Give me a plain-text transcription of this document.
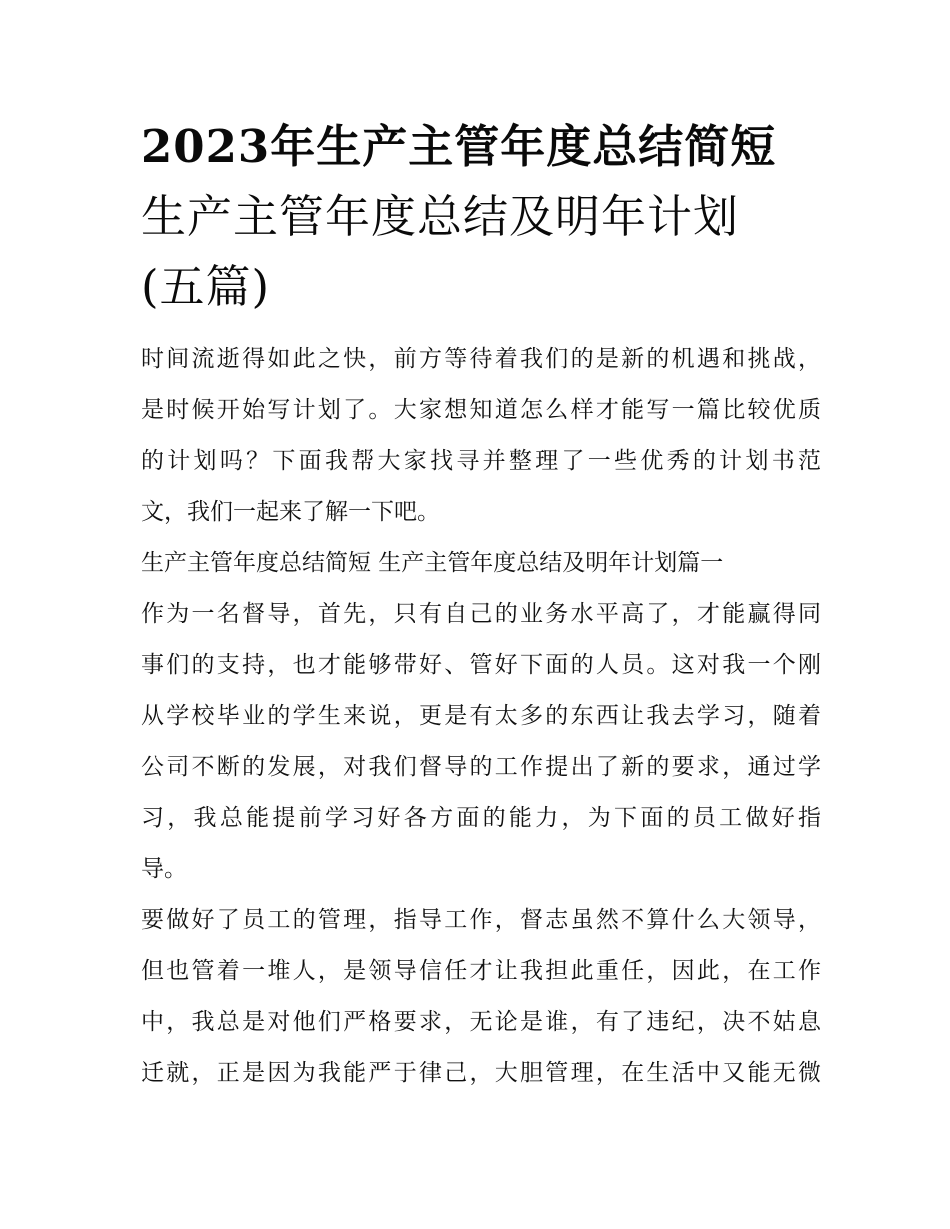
2023年生产主管年度总结简短
生产主管年度总结及明年计划
(五篇)

时间流逝得如此之快，前方等待着我们的是新的机遇和挑战，
是时候开始写计划了。大家想知道怎么样才能写一篇比较优质
的计划吗？下面我帮大家找寻并整理了一些优秀的计划书范
文，我们一起来了解一下吧。

生产主管年度总结简短 生产主管年度总结及明年计划篇一

作为一名督导，首先，只有自己的业务水平高了，才能赢得同
事们的支持，也才能够带好、管好下面的人员。这对我一个刚
从学校毕业的学生来说，更是有太多的东西让我去学习，随着
公司不断的发展，对我们督导的工作提出了新的要求，通过学
习，我总能提前学习好各方面的能力，为下面的员工做好指
导。

要做好了员工的管理，指导工作，督志虽然不算什么大领导，
但也管着一堆人，是领导信任才让我担此重任，因此，在工作
中，我总是对他们严格要求，无论是谁，有了违纪，决不姑息
迁就，正是因为我能严于律己，大胆管理，在生活中又能无微
